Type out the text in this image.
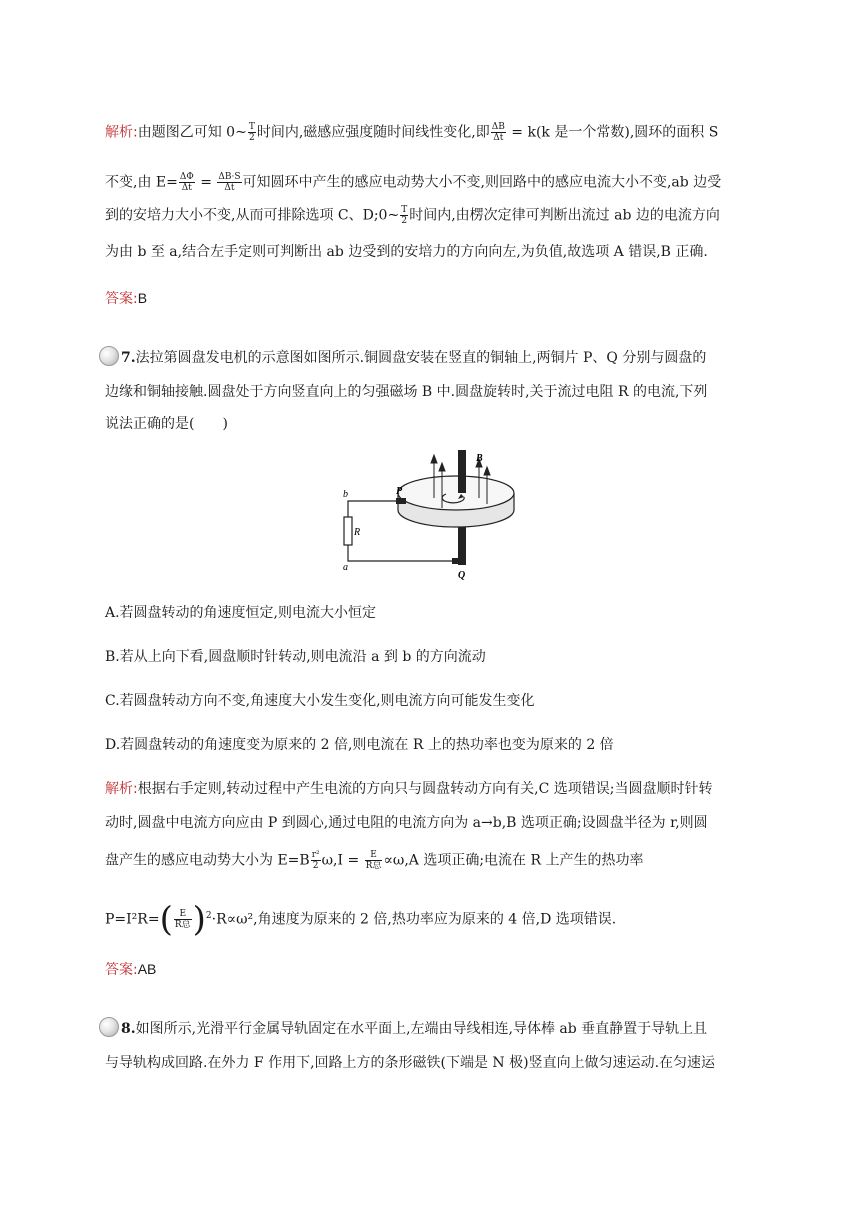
解析:由题图乙可知 0~ $\frac{T}{2}$ 时间内,磁感应强度随时间线性变化,即 $\frac{\Delta B}{\Delta t} = k(k$ 是一个常数),圆环的面积 S
不变,由 $E= \frac{\Delta\Phi}{\Delta t} = \frac{\Delta B\cdot S}{\Delta t}$ 可知圆环中产生的感应电动势大小不变,则回路中的感应电流大小不变,ab 边受
到的安培力大小不变,从而可排除选项 C、D;0~ $\frac{T}{2}$ 时间内,由楞次定律可判断出流过 ab 边的电流方向
为由 b 至 a,结合左手定则可判断出 ab 边受到的安培力的方向向左,为负值,故选项 A 错误,B 正确.
答案:B
7.法拉第圆盘发电机的示意图如图所示.铜圆盘安装在竖直的铜轴上,两铜片 P、Q 分别与圆盘的
边缘和铜轴接触.圆盘处于方向竖直向上的匀强磁场 B 中.圆盘旋转时,关于流过电阻 R 的电流,下列
说法正确的是(　　)
b
a
R
P
Q
B
A.若圆盘转动的角速度恒定,则电流大小恒定
B.若从上向下看,圆盘顺时针转动,则电流沿 a 到 b 的方向流动
C.若圆盘转动方向不变,角速度大小发生变化,则电流方向可能发生变化
D.若圆盘转动的角速度变为原来的 2 倍,则电流在 R 上的热功率也变为原来的 2 倍
解析:根据右手定则,转动过程中产生电流的方向只与圆盘转动方向有关,C 选项错误;当圆盘顺时针转
动时,圆盘中电流方向应由 P 到圆心,通过电阻的电流方向为 a→b,B 选项正确;设圆盘半径为 r,则圆
盘产生的感应电动势大小为 $E=B \frac{\text{r²}}{2} \omega,I = \frac{E}{\text{R总}} \propto\omega,A$ 选项正确;电流在 R 上产生的热功率
$P=I^2R=( \frac{E}{\text{R总}} )^2\cdot R\propto\omega^2$,角速度为原来的 2 倍,热功率应为原来的 4 倍,D 选项错误.
答案:AB
8.如图所示,光滑平行金属导轨固定在水平面上,左端由导线相连,导体棒 ab 垂直静置于导轨上且
与导轨构成回路.在外力 F 作用下,回路上方的条形磁铁(下端是 N 极)竖直向上做匀速运动.在匀速运
